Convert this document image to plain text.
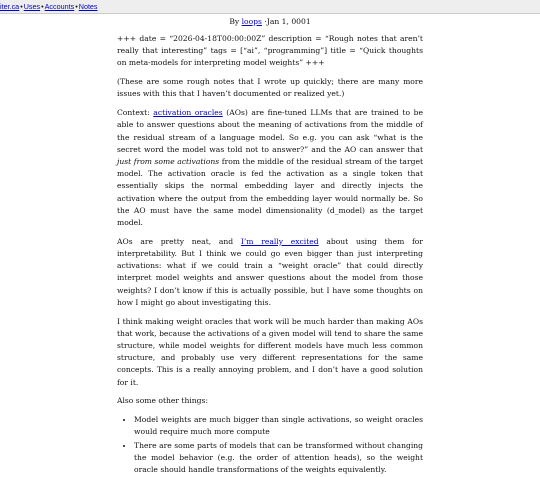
iter.ca•Uses•Accounts•Notes
By loops ·Jan 1, 0001

+++ date = “2026-04-18T00:00:00Z” description = “Rough notes that aren’t really that interesting” tags = [“ai”, “programming”] title = “Quick thoughts on meta-models for interpreting model weights” +++

(These are some rough notes that I wrote up quickly; there are many more issues with this that I haven’t documented or realized yet.)

Context: activation oracles (AOs) are fine-tuned LLMs that are trained to be able to answer questions about the meaning of activations from the middle of the residual stream of a language model. So e.g. you can ask “what is the secret word the model was told not to answer?” and the AO can answer that just from some activations from the middle of the residual stream of the target model. The activation oracle is fed the activation as a single token that essentially skips the normal embedding layer and directly injects the activation where the output from the embedding layer would normally be. So the AO must have the same model dimensionality (d_model) as the target model.

AOs are pretty neat, and I’m really excited about using them for interpretability. But I think we could go even bigger than just interpreting activations: what if we could train a “weight oracle” that could directly interpret model weights and answer questions about the model from those weights? I don’t know if this is actually possible, but I have some thoughts on how I might go about investigating this.

I think making weight oracles that work will be much harder than making AOs that work, because the activations of a given model will tend to share the same structure, while model weights for different models have much less common structure, and probably use very different representations for the same concepts. This is a really annoying problem, and I don’t have a good solution for it.

Also some other things:

• Model weights are much bigger than single activations, so weight oracles would require much more compute
• There are some parts of models that can be transformed without changing the model behavior (e.g. the order of attention heads), so the weight oracle should handle transformations of the weights equivalently.
